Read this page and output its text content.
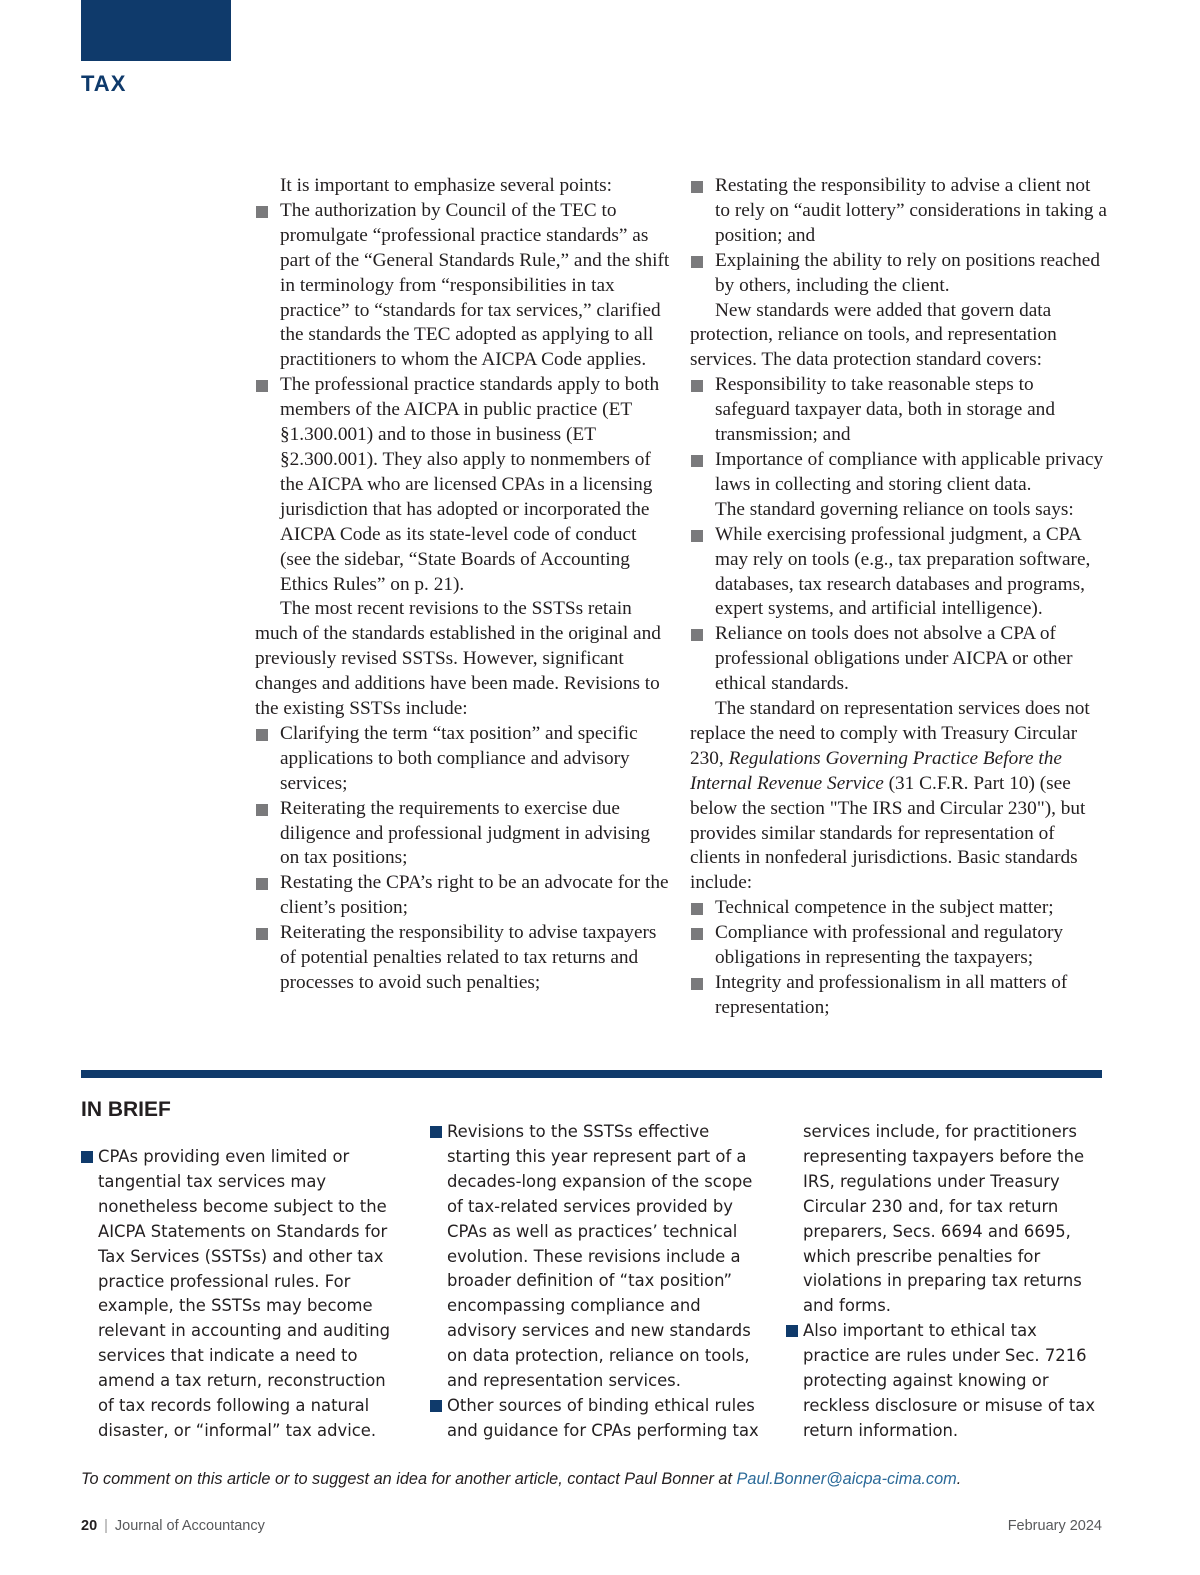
TAX

It is important to emphasize several points:

The authorization by Council of the TEC to promulgate “professional practice standards” as part of the “General Standards Rule,” and the shift in terminology from “responsibilities in tax practice” to “standards for tax services,” clarified the standards the TEC adopted as applying to all practitioners to whom the AICPA Code applies.
The professional practice standards apply to both members of the AICPA in public practice (ET §1.300.001) and to those in business (ET §2.300.001). They also apply to nonmembers of the AICPA who are licensed CPAs in a licensing jurisdiction that has adopted or incorporated the AICPA Code as its state-level code of conduct (see the sidebar, “State Boards of Accounting Ethics Rules” on p. 21).

The most recent revisions to the SSTSs retain much of the standards established in the original and previously revised SSTSs. However, significant changes and additions have been made. Revisions to the existing SSTSs include:

Clarifying the term “tax position” and specific applications to both compliance and advisory services;
Reiterating the requirements to exercise due diligence and professional judgment in advising on tax positions;
Restating the CPA’s right to be an advocate for the client’s position;
Reiterating the responsibility to advise taxpayers of potential penalties related to tax returns and processes to avoid such penalties;
Restating the responsibility to advise a client not to rely on “audit lottery” considerations in taking a position; and
Explaining the ability to rely on positions reached by others, including the client.

New standards were added that govern data protection, reliance on tools, and representation services. The data protection standard covers:

Responsibility to take reasonable steps to safeguard taxpayer data, both in storage and transmission; and
Importance of compliance with applicable privacy laws in collecting and storing client data.

The standard governing reliance on tools says:

While exercising professional judgment, a CPA may rely on tools (e.g., tax preparation software, databases, tax research databases and programs, expert systems, and artificial intelligence).
Reliance on tools does not absolve a CPA of professional obligations under AICPA or other ethical standards.

The standard on representation services does not replace the need to comply with Treasury Circular 230, Regulations Governing Practice Before the Internal Revenue Service (31 C.F.R. Part 10) (see below the section "The IRS and Circular 230"), but provides similar standards for representation of clients in nonfederal jurisdictions. Basic standards include:

Technical competence in the subject matter;
Compliance with professional and regulatory obligations in representing the taxpayers;
Integrity and professionalism in all matters of representation;
IN BRIEF
CPAs providing even limited or tangential tax services may nonetheless become subject to the AICPA Statements on Standards for Tax Services (SSTSs) and other tax practice professional rules. For example, the SSTSs may become relevant in accounting and auditing services that indicate a need to amend a tax return, reconstruction of tax records following a natural disaster, or “informal” tax advice.
Revisions to the SSTSs effective starting this year represent part of a decades-long expansion of the scope of tax-related services provided by CPAs as well as practices’ technical evolution. These revisions include a broader definition of “tax position” encompassing compliance and advisory services and new standards on data protection, reliance on tools, and representation services.
Other sources of binding ethical rules and guidance for CPAs performing tax

services include, for practitioners representing taxpayers before the IRS, regulations under Treasury Circular 230 and, for tax return preparers, Secs. 6694 and 6695, which prescribe penalties for violations in preparing tax returns and forms.

Also important to ethical tax practice are rules under Sec. 7216 protecting against knowing or reckless disclosure or misuse of tax return information.

To comment on this article or to suggest an idea for another article, contact Paul Bonner at Paul.Bonner@aicpa-cima.com.

20 | Journal of Accountancy	February 2024
